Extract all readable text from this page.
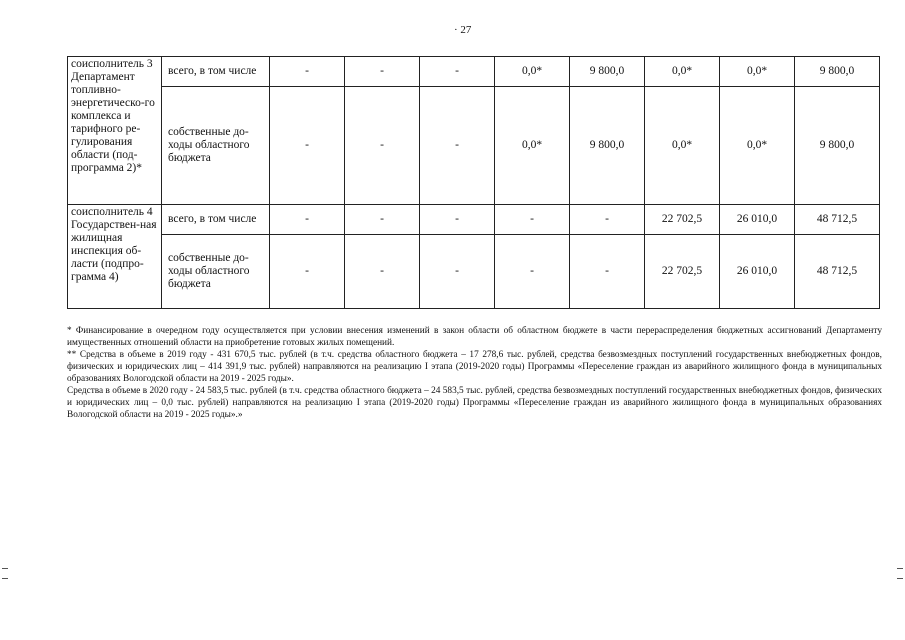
· 27
соисполнитель 3 Департамент топливно-энергетическо-го комплекса и тарифного ре-гулирования области (под-программа 2)*	всего, в том числе	-	-	-	0,0*	9 800,0	0,0*	0,0*	9 800,0
	собственные до-ходы областного бюджета	-	-	-	0,0*	9 800,0	0,0*	0,0*	9 800,0
соисполнитель 4 Государствен-ная жилищная инспекция об-ласти (подпро-грамма 4)	всего, в том числе	-	-	-	-	-	22 702,5	26 010,0	48 712,5
	собственные до-ходы областного бюджета	-	-	-	-	-	22 702,5	26 010,0	48 712,5

* Финансирование в очередном году осуществляется при условии внесения изменений в закон области об областном бюджете в части перераспределения бюджетных ассигнований Департаменту имущественных отношений области на приобретение готовых жилых помещений.

** Средства в объеме в 2019 году - 431 670,5 тыс. рублей (в т.ч. средства областного бюджета – 17 278,6 тыс. рублей, средства безвозмездных поступлений государственных внебюджетных фондов, физических и юридических лиц – 414 391,9 тыс. рублей) направляются на реализацию I этапа (2019-2020 годы) Программы «Переселение граждан из аварийного жилищного фонда в муниципальных образованиях Вологодской области на 2019 - 2025 годы».

Средства в объеме в 2020 году - 24 583,5 тыс. рублей (в т.ч. средства областного бюджета – 24 583,5 тыс. рублей, средства безвозмездных поступлений государственных внебюджетных фондов, физических и юридических лиц – 0,0 тыс. рублей) направляются на реализацию I этапа (2019-2020 годы) Программы «Переселение граждан из аварийного жилищного фонда в муниципальных образованиях Вологодской области на 2019 - 2025 годы».»
